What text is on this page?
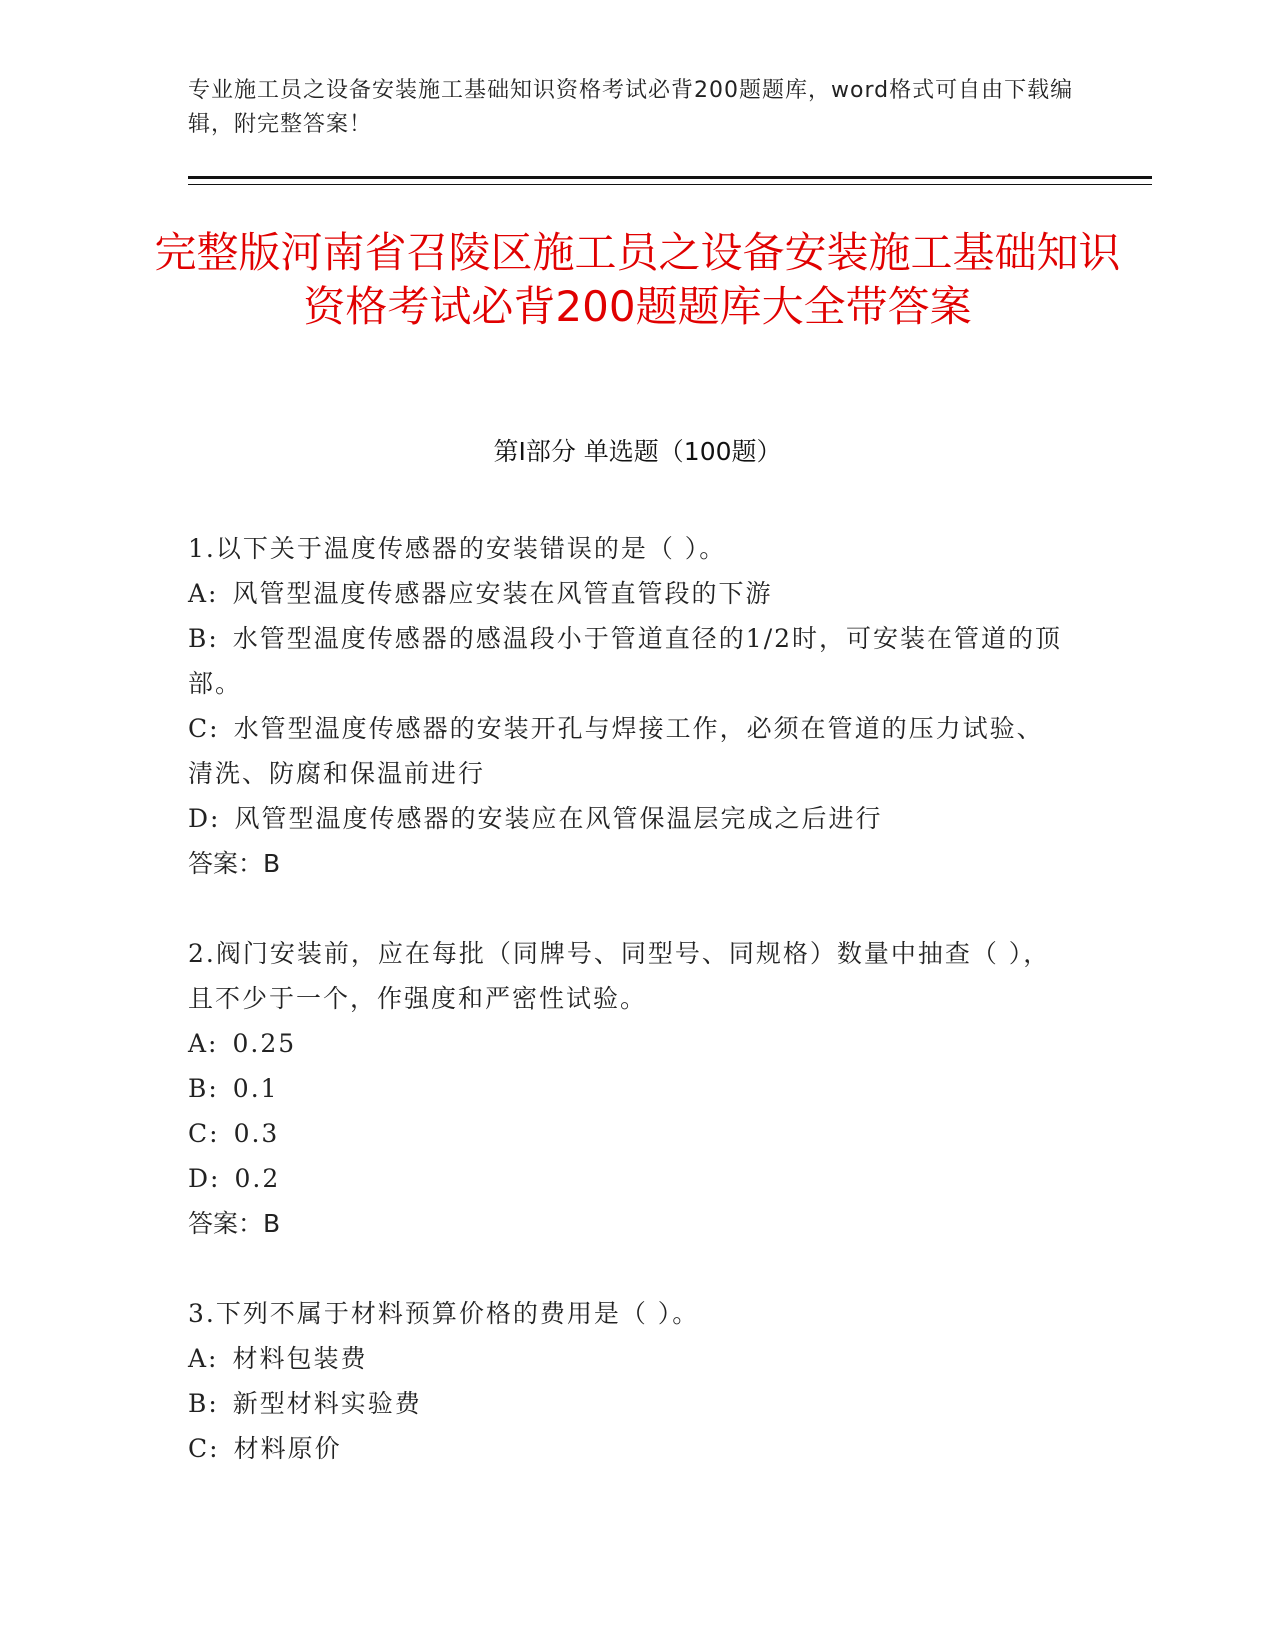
专业施工员之设备安装施工基础知识资格考试必背200题题库，word格式可自由下载编辑，附完整答案！
完整版河南省召陵区施工员之设备安装施工基础知识资格考试必背200题题库大全带答案
第Ⅰ部分 单选题（100题）

1.以下关于温度传感器的安装错误的是（ ）。

A: 风管型温度传感器应安装在风管直管段的下游

B: 水管型温度传感器的感温段小于管道直径的1/2时，可安装在管道的顶部。

C: 水管型温度传感器的安装开孔与焊接工作，必须在管道的压力试验、清洗、防腐和保温前进行

D: 风管型温度传感器的安装应在风管保温层完成之后进行

答案：B

2.阀门安装前，应在每批（同牌号、同型号、同规格）数量中抽查（ ），且不少于一个，作强度和严密性试验。

A: 0.25

B: 0.1

C: 0.3

D: 0.2

答案：B

3.下列不属于材料预算价格的费用是（ ）。

A: 材料包装费

B: 新型材料实验费

C: 材料原价
